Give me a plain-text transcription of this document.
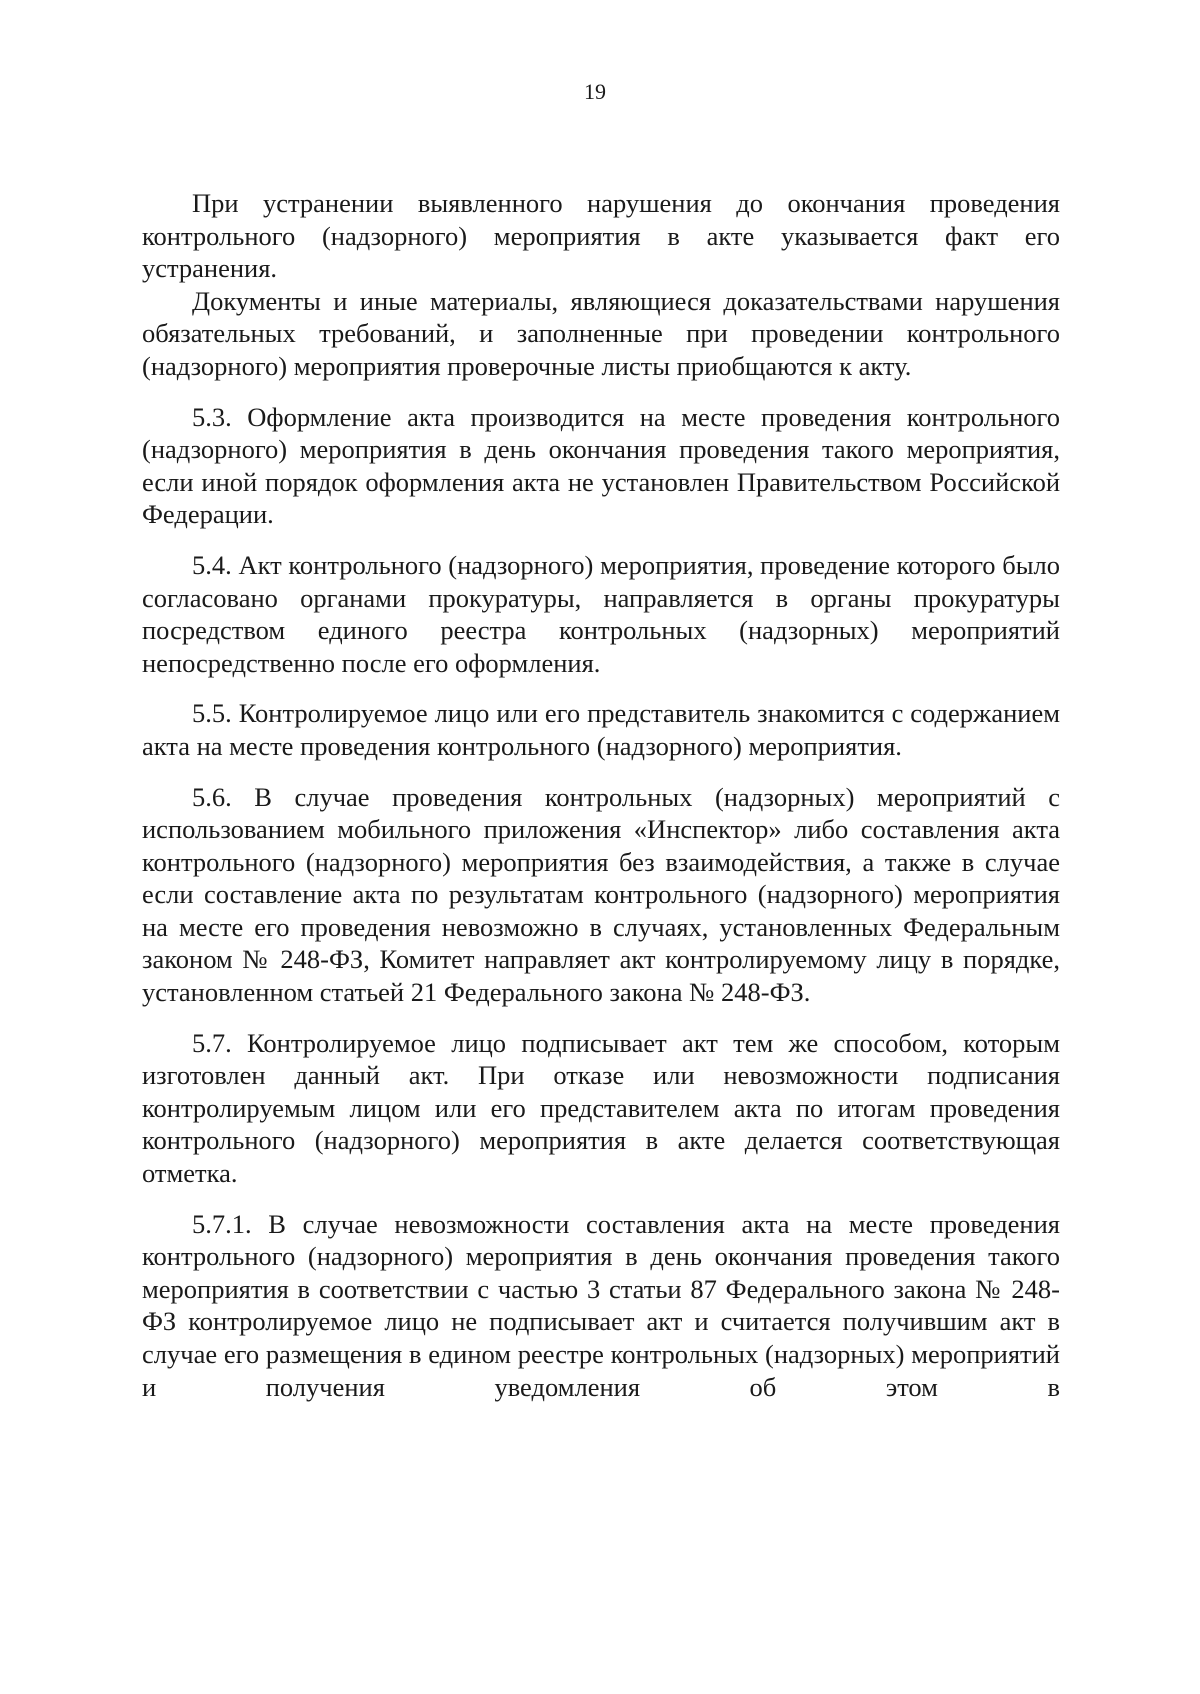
19

При устранении выявленного нарушения до окончания проведения контрольного (надзорного) мероприятия в акте указывается факт его устранения.

Документы и иные материалы, являющиеся доказательствами нарушения обязательных требований, и заполненные при проведении контрольного (надзорного) мероприятия проверочные листы приобщаются к акту.

5.3. Оформление акта производится на месте проведения контрольного (надзорного) мероприятия в день окончания проведения такого мероприятия, если иной порядок оформления акта не установлен Правительством Российской Федерации.

5.4. Акт контрольного (надзорного) мероприятия, проведение которого было согласовано органами прокуратуры, направляется в органы прокуратуры посредством единого реестра контрольных (надзорных) мероприятий непосредственно после его оформления.

5.5. Контролируемое лицо или его представитель знакомится с содержанием акта на месте проведения контрольного (надзорного) мероприятия.

5.6. В случае проведения контрольных (надзорных) мероприятий с использованием мобильного приложения «Инспектор» либо составления акта контрольного (надзорного) мероприятия без взаимодействия, а также в случае если составление акта по результатам контрольного (надзорного) мероприятия на месте его проведения невозможно в случаях, установленных Федеральным законом № 248-ФЗ, Комитет направляет акт контролируемому лицу в порядке, установленном статьей 21 Федерального закона № 248-ФЗ.

5.7. Контролируемое лицо подписывает акт тем же способом, которым изготовлен данный акт. При отказе или невозможности подписания контролируемым лицом или его представителем акта по итогам проведения контрольного (надзорного) мероприятия в акте делается соответствующая отметка.

5.7.1. В случае невозможности составления акта на месте проведения контрольного (надзорного) мероприятия в день окончания проведения такого мероприятия в соответствии с частью 3 статьи 87 Федерального закона № 248-ФЗ контролируемое лицо не подписывает акт и считается получившим акт в случае его размещения в едином реестре контрольных (надзорных) мероприятий и получения уведомления об этом в
